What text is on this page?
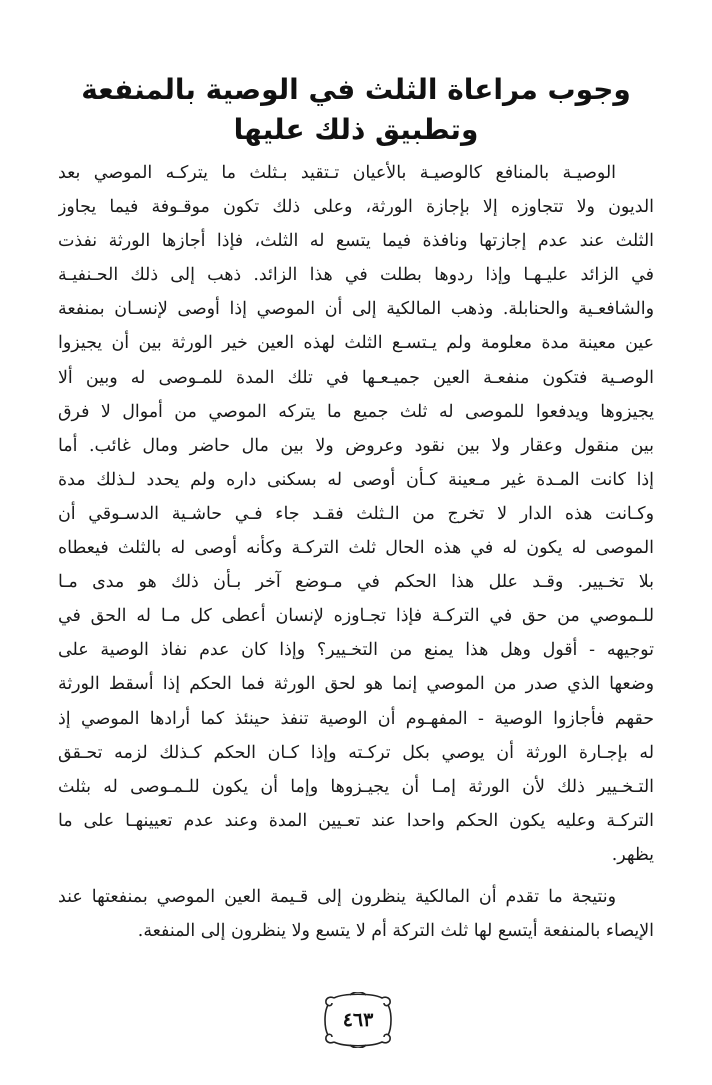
وجوب مراعاة الثلث في الوصية بالمنفعة
وتطبيق ذلك عليها
الوصيـة بالمنافع كالوصيـة بالأعيان تـتقيد بـثلث ما يتركـه الموصي بعد
الديون ولا تتجاوزه إلا بإجازة الورثة، وعلى ذلك تكون موقـوفة فيما يجاوز
الثلث عند عدم إجازتها ونافذة فيما يتسع له الثلث، فإذا أجازها الورثة نفذت
في الزائد عليـهـا وإذا ردوها بطلت في هذا الزائد. ذهب إلى ذلك الحـنفيـة
والشافعـية والحنابلة. وذهب المالكية إلى أن الموصي إذا أوصى لإنسـان بمنفعة
عين معينة مدة معلومة ولم يـتسـع الثلث لهذه العين خير الورثة بين أن يجيزوا
الوصـية فتكون منفعـة العين جميـعـها في تلك المدة للمـوصى له وبين ألا
يجيزوها ويدفعوا للموصى له ثلث جميع ما يتركه الموصي من أموال لا فرق
بين منقول وعقار ولا بين نقود وعروض ولا بين مال حاضر ومال غائب. أما
إذا كانت المـدة غير مـعينة كـأن أوصى له بسكنى داره ولم يحدد لـذلك مدة
وكـانت هذه الدار لا تخرج من الـثلث فقـد جاء فـي حاشـية الدسـوقي أن
الموصى له يكون له في هذه الحال ثلث التركـة وكأنه أوصى له بالثلث فيعطاه
بلا تخـيير. وقـد علل هذا الحكم في مـوضع آخر بـأن ذلك هو مدى مـا
للـموصي من حق في التركـة فإذا تجـاوزه لإنسان أعطى كل مـا له الحق في
توجيهه - أقول وهل هذا يمنع من التخـيير؟ وإذا كان عدم نفاذ الوصية على
وضعها الذي صدر من الموصي إنما هو لحق الورثة فما الحكم إذا أسقط الورثة
حقهم فأجازوا الوصية - المفهـوم أن الوصية تنفذ حينئذ كما أرادها الموصي إذ
له بإجـارة الورثة أن يوصي بكل تركـته وإذا كـان الحكم كـذلك لزمه تحـقق
التـخـيير ذلك لأن الورثة إمـا أن يجيـزوها وإما أن يكون للـمـوصى له بثلث
التركـة وعليه يكون الحكم واحدا عند تعـيين المدة وعند عدم تعيينهـا على ما
يظهر.
ونتيجة ما تقدم أن المالكية ينظرون إلى قـيمة العين الموصي بمنفعتها عند
الإيصاء بالمنفعة أيتسع لها ثلث التركة أم لا يتسع ولا ينظرون إلى المنفعة.
٤٦٣
